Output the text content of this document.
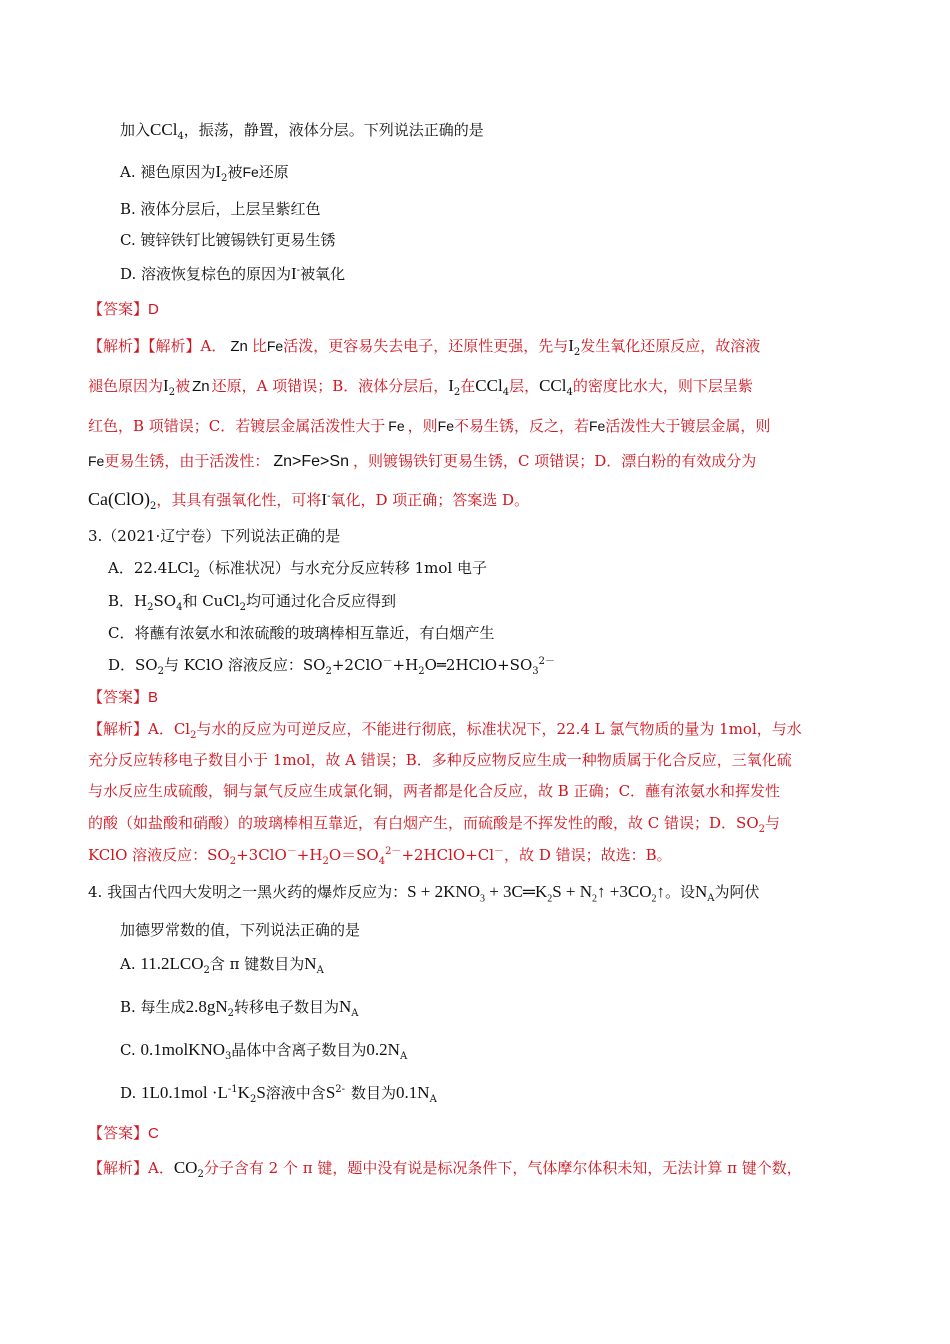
加入CCl$_4$，振荡，静置，液体分层。下列说法正确的是
A. 褪色原因为$I_2$被Fe还原
B. 液体分层后，上层呈紫红色
C. 镀锌铁钉比镀锡铁钉更易生锈
D. 溶液恢复棕色的原因为I-被氧化
【答案】D
【解析】【解析】A． Zn 比Fe活泼，更容易失去电子，还原性更强，先与$I_2$发生氧化还原反应，故溶液
褪色原因为$I_2$被 Zn 还原，A 项错误；B．液体分层后，$I_2$在CCl$_4$层，CCl$_4$的密度比水大，则下层呈紫
红色，B 项错误；C．若镀层金属活泼性大于 Fe ，则Fe不易生锈，反之，若Fe活泼性大于镀层金属，则
Fe更易生锈，由于活泼性： Zn>Fe>Sn ，则镀锡铁钉更易生锈，C 项错误；D．漂白粉的有效成分为
$Ca(ClO)_2$，其具有强氧化性，可将I-氧化，D 项正确；答案选 D。
3.（2021·辽宁卷）下列说法正确的是
A．22.4LCl$_2$（标准状况）与水充分反应转移 1mol 电子
B．$H_2SO_4$和 CuCl$_2$均可通过化合反应得到
C．将蘸有浓氨水和浓硫酸的玻璃棒相互靠近，有白烟产生
D．$SO_2$与 KClO 溶液反应：$SO_2+2ClO^-+H_2O═2HClO+SO_3^{2-}$
【答案】B
【解析】A．$Cl_2$与水的反应为可逆反应，不能进行彻底，标准状况下，22.4 L 氯气物质的量为 1mol，与水
充分反应转移电子数目小于 1mol，故 A 错误；B．多种反应物反应生成一种物质属于化合反应，三氧化硫
与水反应生成硫酸，铜与氯气反应生成氯化铜，两者都是化合反应，故 B 正确；C．蘸有浓氨水和挥发性
的酸（如盐酸和硝酸）的玻璃棒相互靠近，有白烟产生，而硫酸是不挥发性的酸，故 C 错误；D．$SO_2$与
KClO 溶液反应：$SO_2+3ClO^-+H_2O=SO_4^{2-}+2HClO+Cl^-$，故 D 错误；故选：B。
4. 我国古代四大发明之一黑火药的爆炸反应为：$S + 2KNO_3$ + $3C═K_2S$ + $N_2↑$ $+3CO_2↑$。设$N_A$为阿伏
加德罗常数的值，下列说法正确的是
A. $11.2LCO_2$含 π 键数目为$N_A$
B. 每生成$2.8gN_2$转移电子数目为$N_A$
C. 0.1molKNO$_3$晶体中含离子数目为$0.2N_A$
D. $1L0.1mol \cdot L^{-1}K_2S$溶液中含$S^{2-}$ 数目为$0.1N_A$
【答案】C
【解析】A．$CO_2$分子含有 2 个 π 键，题中没有说是标况条件下，气体摩尔体积未知，无法计算 π 键个数，
